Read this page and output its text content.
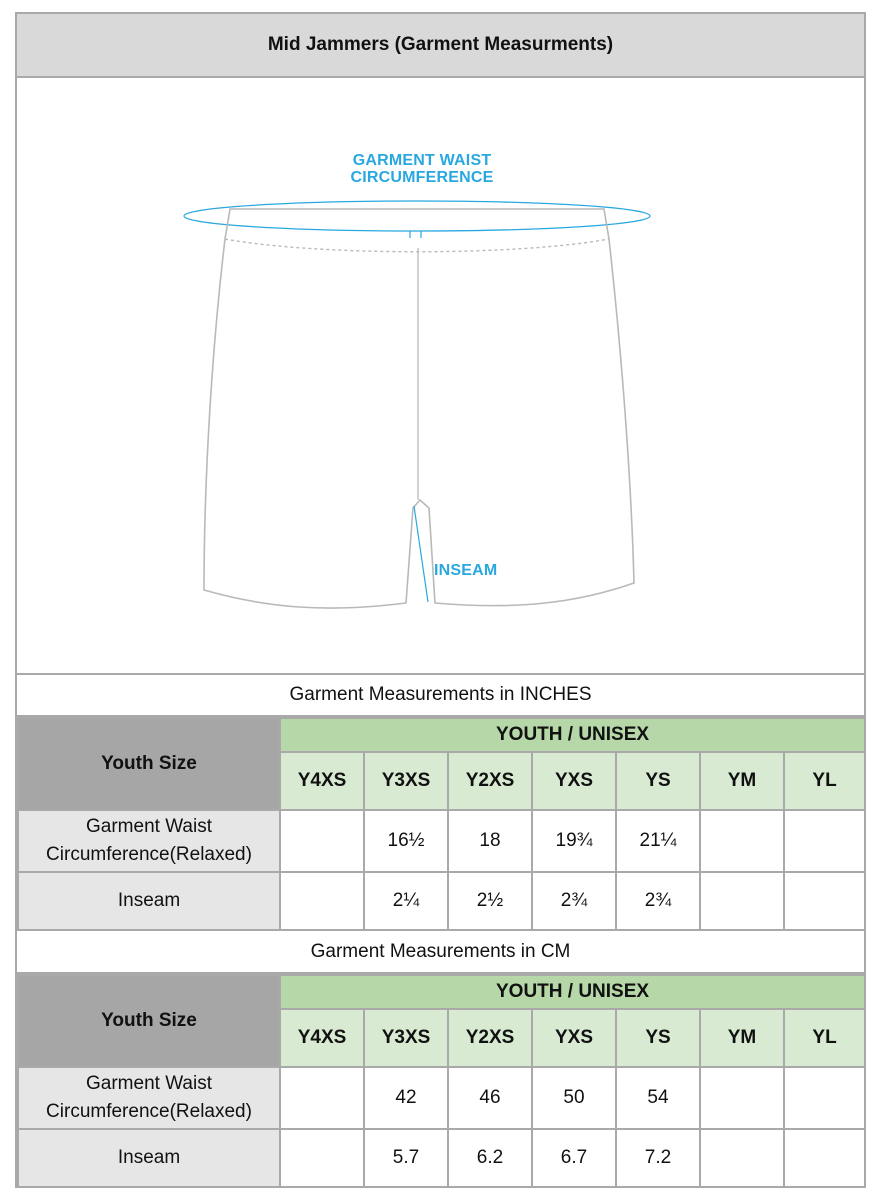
Mid Jammers (Garment Measurments)
GARMENT WAIST
CIRCUMFERENCE
INSEAM
Garment Measurements in INCHES
Youth Size	YOUTH / UNISEX						
	Y4XS	Y3XS	Y2XS	YXS	YS	YM	YL

Garment Waist
Circumference(Relaxed)		16½	18	19¾	21¼		
Inseam		2¼	2½	2¾	2¾		
Garment Measurements in CM
Youth Size	YOUTH / UNISEX						
	Y4XS	Y3XS	Y2XS	YXS	YS	YM	YL

Garment Waist
Circumference(Relaxed)		42	46	50	54		
Inseam		5.7	6.2	6.7	7.2		
